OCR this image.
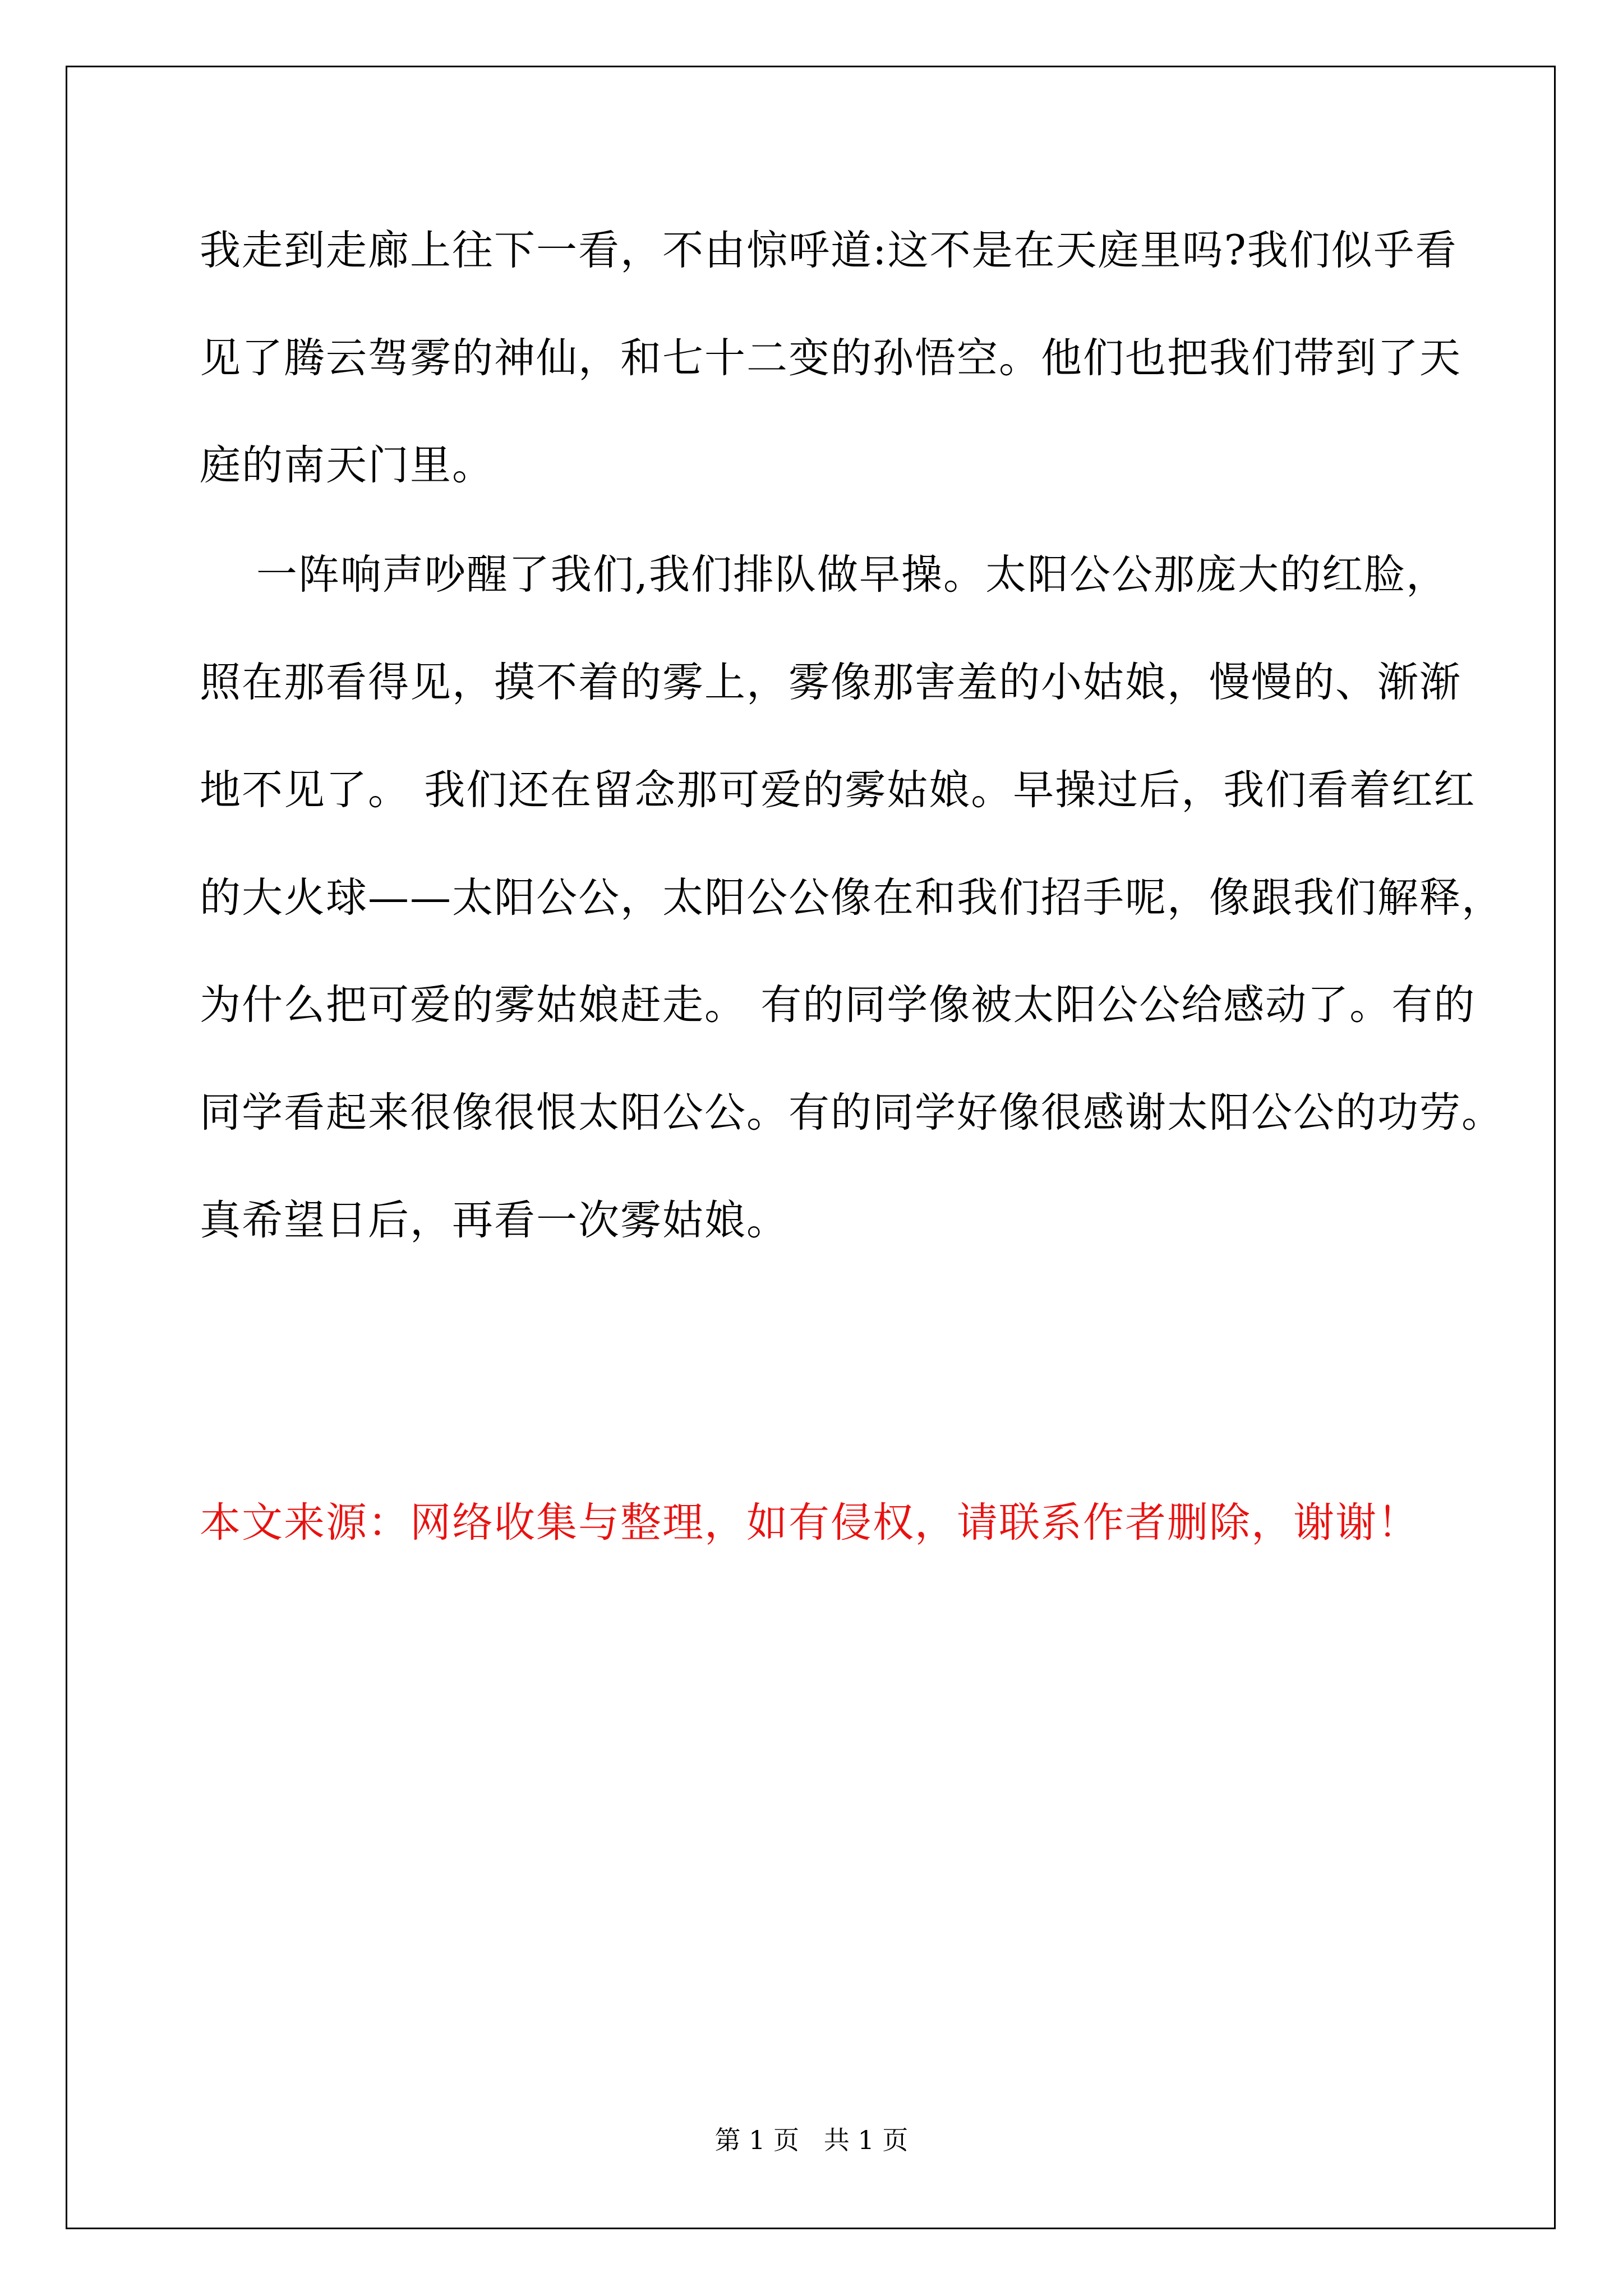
我走到走廊上往下一看，不由惊呼道:这不是在天庭里吗?我们似乎看
见了腾云驾雾的神仙，和七十二变的孙悟空。他们也把我们带到了天
庭的南天门里。
一阵响声吵醒了我们,我们排队做早操。太阳公公那庞大的红脸，
照在那看得见，摸不着的雾上，雾像那害羞的小姑娘，慢慢的、渐渐
地不见了。 我们还在留念那可爱的雾姑娘。早操过后，我们看着红红
的大火球——太阳公公，太阳公公像在和我们招手呢，像跟我们解释，
为什么把可爱的雾姑娘赶走。 有的同学像被太阳公公给感动了。有的
同学看起来很像很恨太阳公公。有的同学好像很感谢太阳公公的功劳。
真希望日后，再看一次雾姑娘。
本文来源：网络收集与整理，如有侵权，请联系作者删除，谢谢！
第 1 页   共 1 页
